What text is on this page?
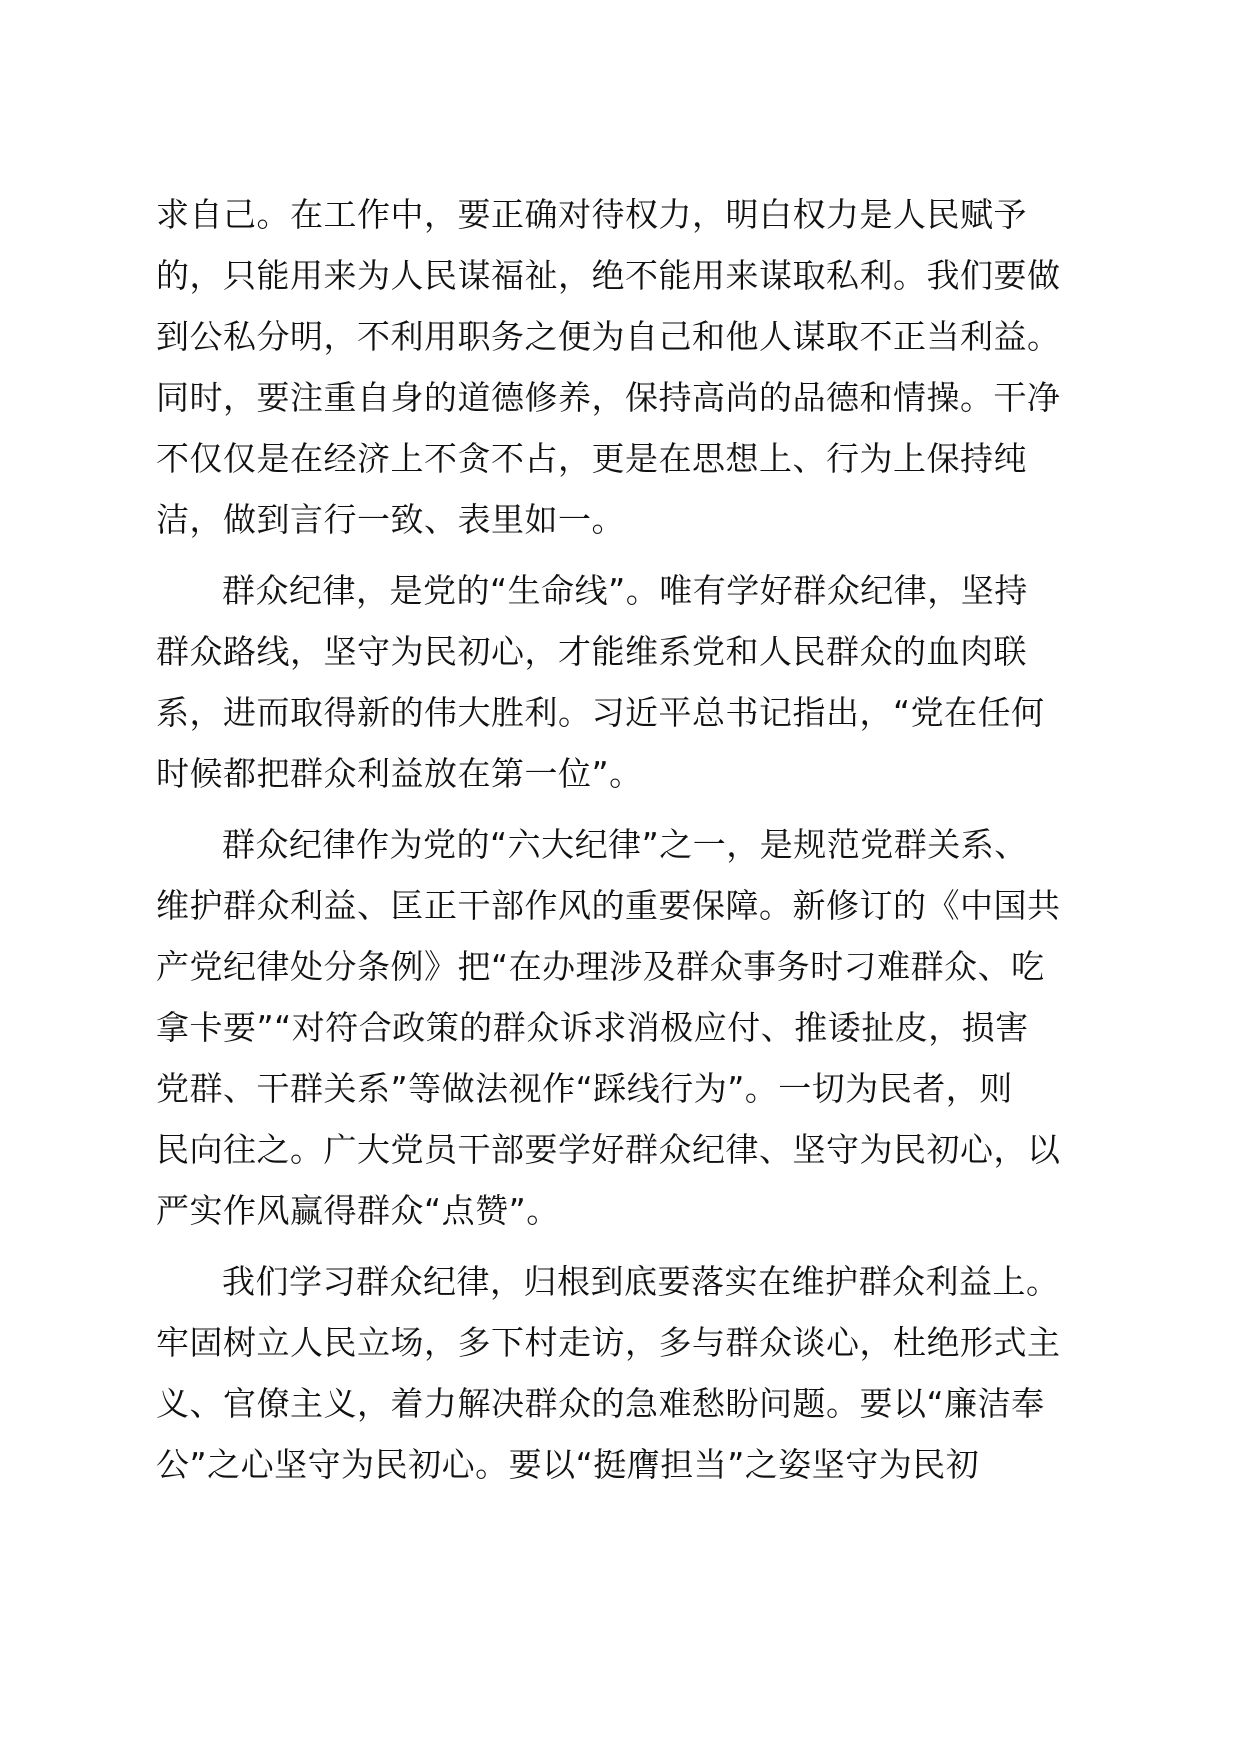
求自己。在工作中，要正确对待权力，明白权力是人民赋予
的，只能用来为人民谋福祉，绝不能用来谋取私利。我们要做
到公私分明，不利用职务之便为自己和他人谋取不正当利益。
同时，要注重自身的道德修养，保持高尚的品德和情操。干净
不仅仅是在经济上不贪不占，更是在思想上、行为上保持纯
洁，做到言行一致、表里如一。
群众纪律，是党的“生命线”。唯有学好群众纪律，坚持
群众路线，坚守为民初心，才能维系党和人民群众的血肉联
系，进而取得新的伟大胜利。习近平总书记指出，“党在任何
时候都把群众利益放在第一位”。
群众纪律作为党的“六大纪律”之一，是规范党群关系、
维护群众利益、匡正干部作风的重要保障。新修订的《中国共
产党纪律处分条例》把“在办理涉及群众事务时刁难群众、吃
拿卡要”“对符合政策的群众诉求消极应付、推诿扯皮，损害
党群、干群关系”等做法视作“踩线行为”。一切为民者，则
民向往之。广大党员干部要学好群众纪律、坚守为民初心，以
严实作风赢得群众“点赞”。
我们学习群众纪律，归根到底要落实在维护群众利益上。
牢固树立人民立场，多下村走访，多与群众谈心，杜绝形式主
义、官僚主义，着力解决群众的急难愁盼问题。要以“廉洁奉
公”之心坚守为民初心。要以“挺膺担当”之姿坚守为民初
